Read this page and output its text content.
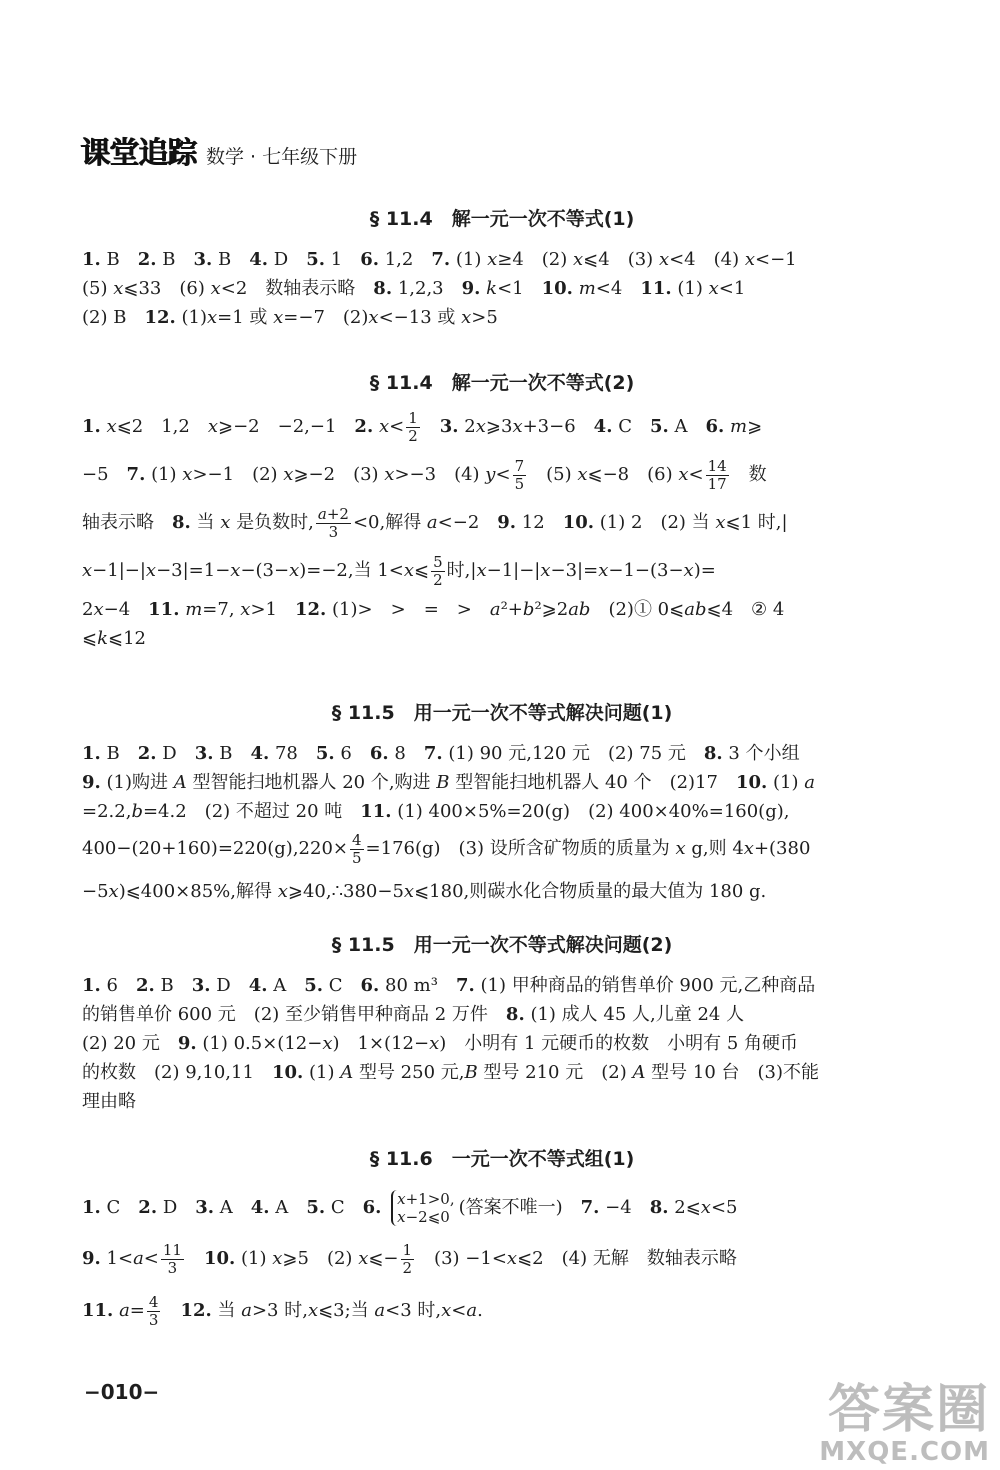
课堂追踪 数学 · 七年级下册

§ 11.4　解一元一次不等式(1)

1. B　2. B　3. B　4. D　5. 1　6. 1,2　7. (1) x≥4　(2) x⩽4　(3) x<4　(4) x<−1
(5) x⩽33　(6) x<2　数轴表示略　8. 1,2,3　9. k<1　10. m<4　11. (1) x<1
(2) B　12. (1)x=1 或 x=−7　(2)x<−13 或 x>5

§ 11.4　解一元一次不等式(2)

1. x⩽2　1,2　x⩾−2　−2,−1　2. $x< \frac{1}{2}$
　 3. 2x⩾3x+3−6　4. C　5. A　6. m⩾
−5　7. (1) x>−1　(2) x⩾−2　(3) x>−3　(4) $y< \frac{7}{5}$ 　(5) x⩽−8　(6) $x< \frac{14}{17}$ 　数
轴表示略　8. 当 x 是负数时, $\frac{a+2}{3} <0$,解得 a<−2　9. 12　10. (1) 2　(2) 当 x⩽1 时,|
x−1|−|x−3|=1−x−(3−x)=−2,当 1<x⩽ $\frac{5}{2}$ 时,|x−1|−|x−3|=x−1−(3−x)=
2x−4　11. m=7, x>1　12. (1)>　>　=　>　a²+b²⩾2ab　(2)① 0⩽ab⩽4　② 4
⩽k⩽12

§ 11.5　用一元一次不等式解决问题(1)

1. B　2. D　3. B　4. 78　5. 6　6. 8　7. (1) 90 元,120 元　(2) 75 元　8. 3 个小组
9. (1)购进 A 型智能扫地机器人 20 个,购进 B 型智能扫地机器人 40 个　(2)17　10. (1) a
=2.2,b=4.2　(2) 不超过 20 吨　11. (1) 400×5%=20(g)　(2) 400×40%=160(g),
$400-(20+160)=220(g),220\times \frac{4}{5} =176(g)$　(3) 设所含矿物质的质量为 x g,则 4x+(380
−5x)⩽400×85%,解得 x⩾40,∴380−5x⩽180,则碳水化合物质量的最大值为 180 g.

§ 11.5　用一元一次不等式解决问题(2)

1. 6　2. B　3. D　4. A　5. C　6. 80 m³　7. (1) 甲种商品的销售单价 900 元,乙种商品
的销售单价 600 元　(2) 至少销售甲种商品 2 万件　8. (1) 成人 45 人,儿童 24 人
(2) 20 元　9. (1) 0.5×(12−x)　1×(12−x)　小明有 1 元硬币的枚数　小明有 5 角硬币
的枚数　(2) 9,10,11　10. (1) A 型号 250 元,B 型号 210 元　(2) A 型号 10 台　(3)不能
理由略

§ 11.6　一元一次不等式组(1)

1. C　2. D　3. A　4. A　5. C　6. x+1>0,
x−2⩽0 (答案不唯一)　7. −4　8. 2⩽x<5
9. $1<a< \frac{11}{3}$
　 10. (1) x⩾5　(2) x⩽− $\frac{1}{2}$ 　(3) −1<x⩽2　(4) 无解　数轴表示略
11. $a= \frac{4}{3}$
　 12. 当 a>3 时,x⩽3;当 a<3 时,x<a.
−010−	答案圈
MXQE.COM
